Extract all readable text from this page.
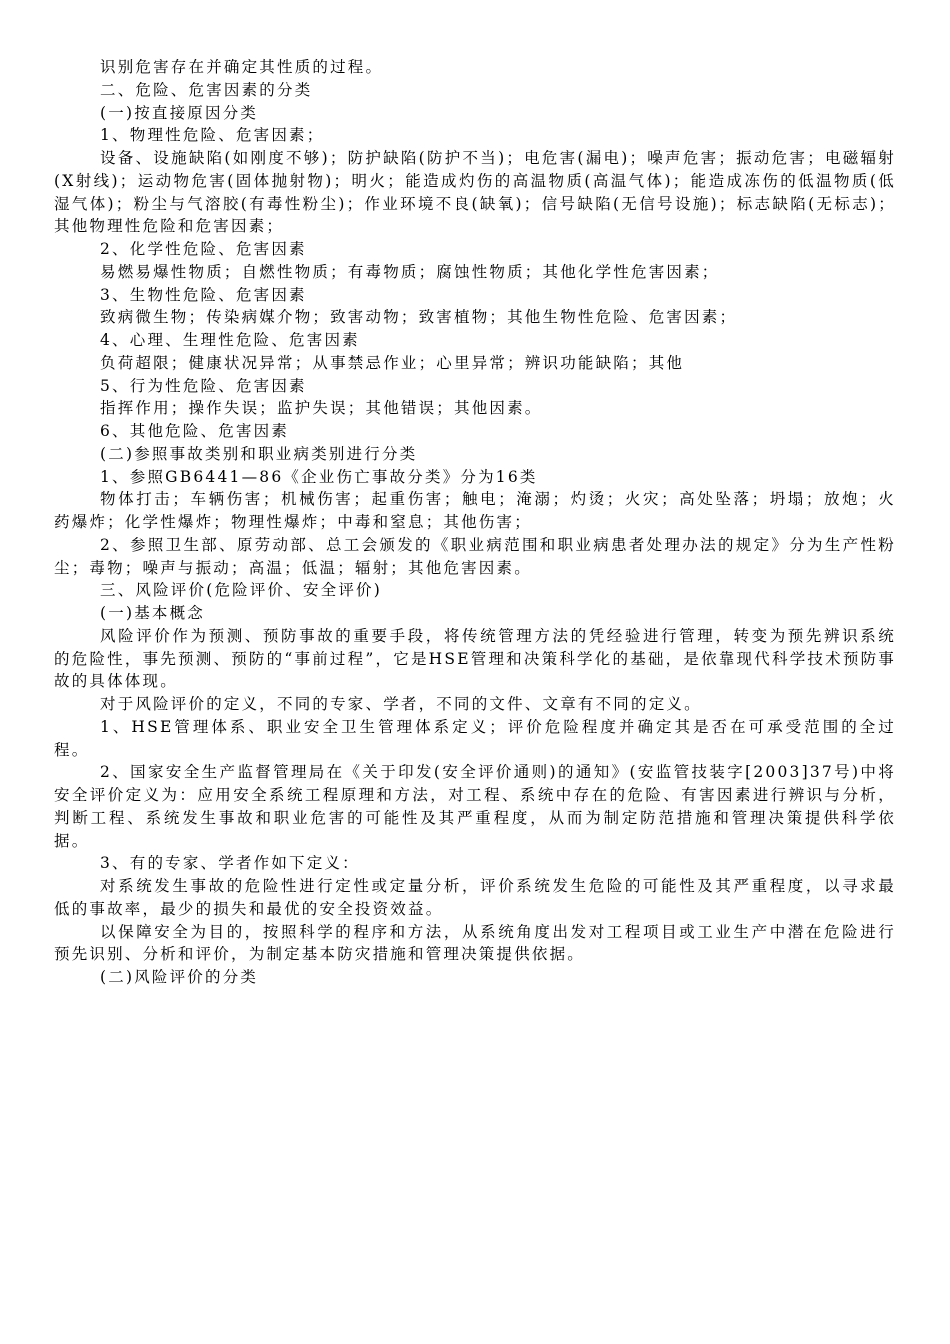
识别危害存在并确定其性质的过程。

二、危险、危害因素的分类

(一)按直接原因分类

1、物理性危险、危害因素；

设备、设施缺陷(如刚度不够)；防护缺陷(防护不当)；电危害(漏电)；噪声危害；振动危害；电磁辐射(X射线)；运动物危害(固体抛射物)；明火；能造成灼伤的高温物质(高温气体)；能造成冻伤的低温物质(低湿气体)；粉尘与气溶胶(有毒性粉尘)；作业环境不良(缺氧)；信号缺陷(无信号设施)；标志缺陷(无标志)；其他物理性危险和危害因素；

2、化学性危险、危害因素

易燃易爆性物质；自燃性物质；有毒物质；腐蚀性物质；其他化学性危害因素；

3、生物性危险、危害因素

致病微生物；传染病媒介物；致害动物；致害植物；其他生物性危险、危害因素；

4、心理、生理性危险、危害因素

负荷超限；健康状况异常；从事禁忌作业；心里异常；辨识功能缺陷；其他

5、行为性危险、危害因素

指挥作用；操作失误；监护失误；其他错误；其他因素。

6、其他危险、危害因素

(二)参照事故类别和职业病类别进行分类

1、参照GB6441—86《企业伤亡事故分类》分为16类

物体打击；车辆伤害；机械伤害；起重伤害；触电；淹溺；灼烫；火灾；高处坠落；坍塌；放炮；火药爆炸；化学性爆炸；物理性爆炸；中毒和窒息；其他伤害；

2、参照卫生部、原劳动部、总工会颁发的《职业病范围和职业病患者处理办法的规定》分为生产性粉尘；毒物；噪声与振动；高温；低温；辐射；其他危害因素。

三、风险评价(危险评价、安全评价)

(一)基本概念

风险评价作为预测、预防事故的重要手段，将传统管理方法的凭经验进行管理，转变为预先辨识系统的危险性，事先预测、预防的“事前过程”，它是HSE管理和决策科学化的基础，是依靠现代科学技术预防事故的具体体现。

对于风险评价的定义，不同的专家、学者，不同的文件、文章有不同的定义。

1、HSE管理体系、职业安全卫生管理体系定义；评价危险程度并确定其是否在可承受范围的全过程。

2、国家安全生产监督管理局在《关于印发(安全评价通则)的通知》(安监管技装字[2003]37号)中将安全评价定义为：应用安全系统工程原理和方法，对工程、系统中存在的危险、有害因素进行辨识与分析，判断工程、系统发生事故和职业危害的可能性及其严重程度，从而为制定防范措施和管理决策提供科学依据。

3、有的专家、学者作如下定义：

对系统发生事故的危险性进行定性或定量分析，评价系统发生危险的可能性及其严重程度，以寻求最低的事故率，最少的损失和最优的安全投资效益。

以保障安全为目的，按照科学的程序和方法，从系统角度出发对工程项目或工业生产中潜在危险进行预先识别、分析和评价，为制定基本防灾措施和管理决策提供依据。

(二)风险评价的分类
